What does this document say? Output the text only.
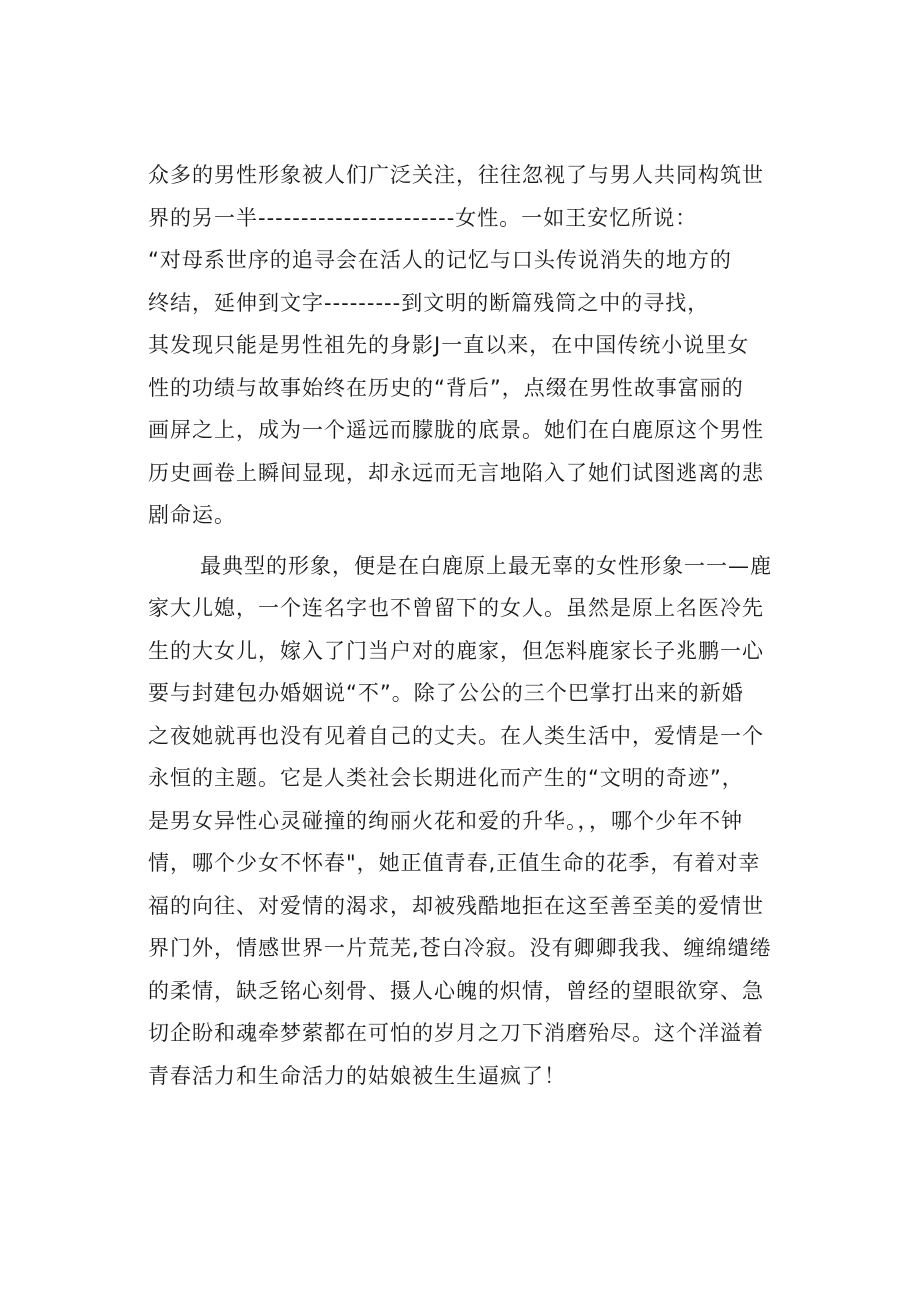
众多的男性形象被人们广泛关注，往往忽视了与男人共同构筑世
界的另一半-----------------------女性。一如王安忆所说：
“对母系世序的追寻会在活人的记忆与口头传说消失的地方的
终结，延伸到文字---------到文明的断篇残筒之中的寻找，
其发现只能是男性祖先的身影J一直以来，在中国传统小说里女
性的功绩与故事始终在历史的“背后”，点缀在男性故事富丽的
画屏之上，成为一个遥远而朦胧的底景。她们在白鹿原这个男性
历史画卷上瞬间显现，却永远而无言地陷入了她们试图逃离的悲
剧命运。
最典型的形象，便是在白鹿原上最无辜的女性形象一一—鹿
家大儿媳，一个连名字也不曾留下的女人。虽然是原上名医冷先
生的大女儿，嫁入了门当户对的鹿家，但怎料鹿家长子兆鹏一心
要与封建包办婚姻说“不”。除了公公的三个巴掌打出来的新婚
之夜她就再也没有见着自己的丈夫。在人类生活中，爱情是一个
永恒的主题。它是人类社会长期进化而产生的“文明的奇迹”，
是男女异性心灵碰撞的绚丽火花和爱的升华。，，哪个少年不钟
情，哪个少女不怀春"，她正值青春,正值生命的花季，有着对幸
福的向往、对爱情的渴求，却被残酷地拒在这至善至美的爱情世
界门外，情感世界一片荒芜,苍白冷寂。没有卿卿我我、缠绵缱绻
的柔情，缺乏铭心刻骨、摄人心魄的炽情，曾经的望眼欲穿、急
切企盼和魂牵梦萦都在可怕的岁月之刀下消磨殆尽。这个洋溢着
青春活力和生命活力的姑娘被生生逼疯了！
